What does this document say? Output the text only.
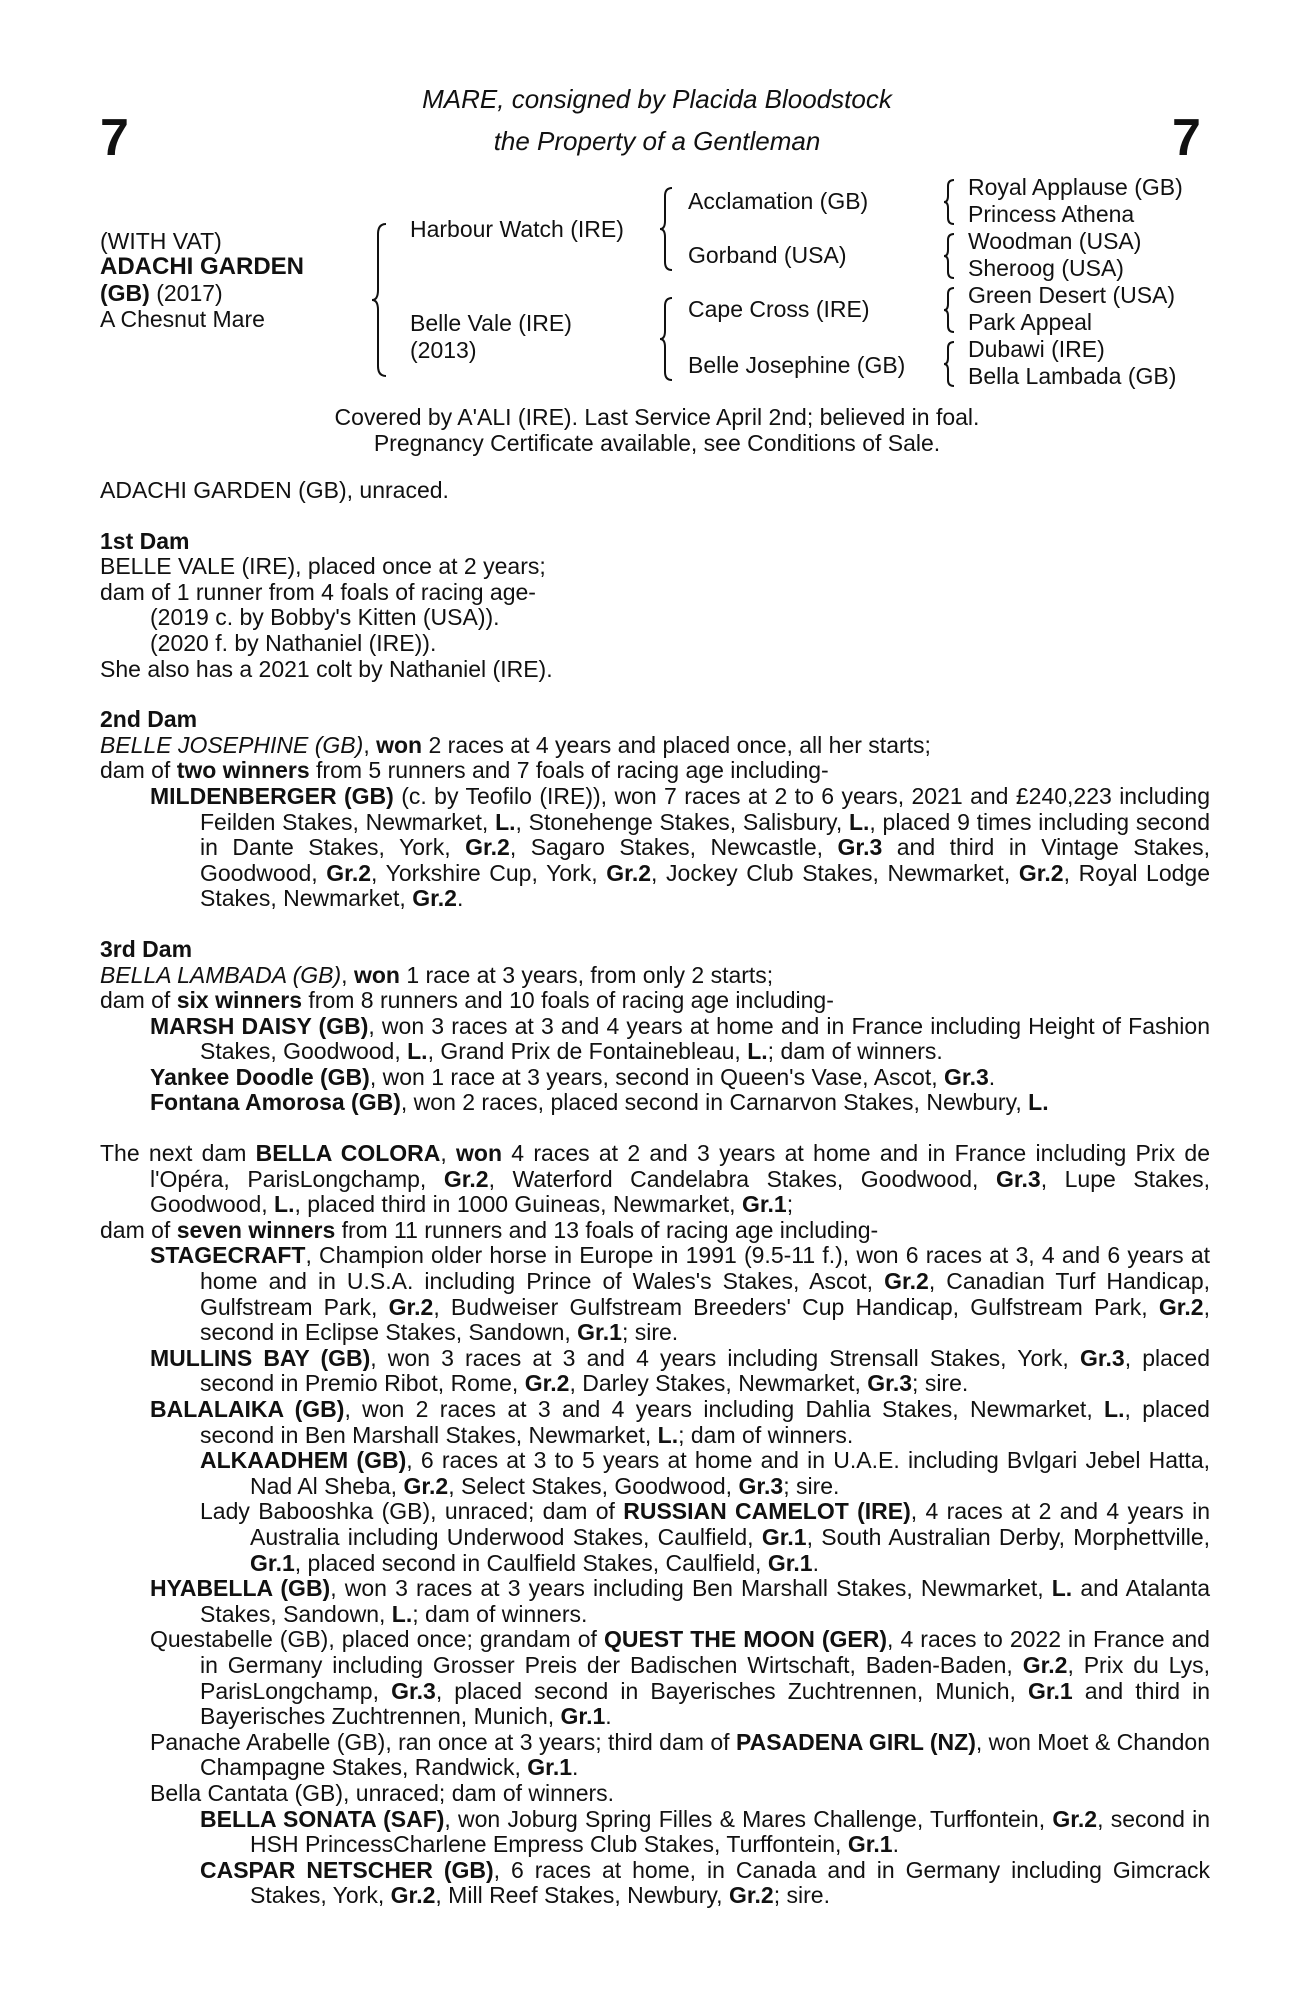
7	7
MARE, consigned by Placida Bloodstock
the Property of a Gentleman
(WITH VAT)
ADACHI GARDEN
(GB) (2017)
A Chesnut Mare
Harbour Watch (IRE)
Belle Vale (IRE)
(2013)
Acclamation (GB)
Gorband (USA)
Cape Cross (IRE)
Belle Josephine (GB)
Royal Applause (GB)
Princess Athena
Woodman (USA)
Sheroog (USA)
Green Desert (USA)
Park Appeal
Dubawi (IRE)
Bella Lambada (GB)
Covered by A'ALI (IRE). Last Service April 2nd; believed in foal.
Pregnancy Certificate available, see Conditions of Sale.

ADACHI GARDEN (GB), unraced.

1st Dam

BELLE VALE (IRE), placed once at 2 years;

dam of 1 runner from 4 foals of racing age-

(2019 c. by Bobby's Kitten (USA)).

(2020 f. by Nathaniel (IRE)).

She also has a 2021 colt by Nathaniel (IRE).

2nd Dam

BELLE JOSEPHINE (GB), won 2 races at 4 years and placed once, all her starts;

dam of two winners from 5 runners and 7 foals of racing age including-

MILDENBERGER (GB) (c. by Teofilo (IRE)), won 7 races at 2 to 6 years, 2021 and £240,223 including Feilden Stakes, Newmarket, L., Stonehenge Stakes, Salisbury, L., placed 9 times including second in Dante Stakes, York, Gr.2, Sagaro Stakes, Newcastle, Gr.3 and third in Vintage Stakes, Goodwood, Gr.2, Yorkshire Cup, York, Gr.2, Jockey Club Stakes, Newmarket, Gr.2, Royal Lodge Stakes, Newmarket, Gr.2.

3rd Dam

BELLA LAMBADA (GB), won 1 race at 3 years, from only 2 starts;

dam of six winners from 8 runners and 10 foals of racing age including-

MARSH DAISY (GB), won 3 races at 3 and 4 years at home and in France including Height of Fashion Stakes, Goodwood, L., Grand Prix de Fontainebleau, L.; dam of winners.

Yankee Doodle (GB), won 1 race at 3 years, second in Queen's Vase, Ascot, Gr.3.

Fontana Amorosa (GB), won 2 races, placed second in Carnarvon Stakes, Newbury, L.

The next dam BELLA COLORA, won 4 races at 2 and 3 years at home and in France including Prix de l'Opéra, ParisLongchamp, Gr.2, Waterford Candelabra Stakes, Goodwood, Gr.3, Lupe Stakes, Goodwood, L., placed third in 1000 Guineas, Newmarket, Gr.1;

dam of seven winners from 11 runners and 13 foals of racing age including-

STAGECRAFT, Champion older horse in Europe in 1991 (9.5-11 f.), won 6 races at 3, 4 and 6 years at home and in U.S.A. including Prince of Wales's Stakes, Ascot, Gr.2, Canadian Turf Handicap, Gulfstream Park, Gr.2, Budweiser Gulfstream Breeders' Cup Handicap, Gulfstream Park, Gr.2, second in Eclipse Stakes, Sandown, Gr.1; sire.

MULLINS BAY (GB), won 3 races at 3 and 4 years including Strensall Stakes, York, Gr.3, placed second in Premio Ribot, Rome, Gr.2, Darley Stakes, Newmarket, Gr.3; sire.

BALALAIKA (GB), won 2 races at 3 and 4 years including Dahlia Stakes, Newmarket, L., placed second in Ben Marshall Stakes, Newmarket, L.; dam of winners.

ALKAADHEM (GB), 6 races at 3 to 5 years at home and in U.A.E. including Bvlgari Jebel Hatta, Nad Al Sheba, Gr.2, Select Stakes, Goodwood, Gr.3; sire.

Lady Babooshka (GB), unraced; dam of RUSSIAN CAMELOT (IRE), 4 races at 2 and 4 years in Australia including Underwood Stakes, Caulfield, Gr.1, South Australian Derby, Morphettville, Gr.1, placed second in Caulfield Stakes, Caulfield, Gr.1.

HYABELLA (GB), won 3 races at 3 years including Ben Marshall Stakes, Newmarket, L. and Atalanta Stakes, Sandown, L.; dam of winners.

Questabelle (GB), placed once; grandam of QUEST THE MOON (GER), 4 races to 2022 in France and in Germany including Grosser Preis der Badischen Wirtschaft, Baden-Baden, Gr.2, Prix du Lys, ParisLongchamp, Gr.3, placed second in Bayerisches Zuchtrennen, Munich, Gr.1 and third in Bayerisches Zuchtrennen, Munich, Gr.1.

Panache Arabelle (GB), ran once at 3 years; third dam of PASADENA GIRL (NZ), won Moet & Chandon Champagne Stakes, Randwick, Gr.1.

Bella Cantata (GB), unraced; dam of winners.

BELLA SONATA (SAF), won Joburg Spring Filles & Mares Challenge, Turffontein, Gr.2, second in HSH PrincessCharlene Empress Club Stakes, Turffontein, Gr.1.

CASPAR NETSCHER (GB), 6 races at home, in Canada and in Germany including Gimcrack Stakes, York, Gr.2, Mill Reef Stakes, Newbury, Gr.2; sire.
